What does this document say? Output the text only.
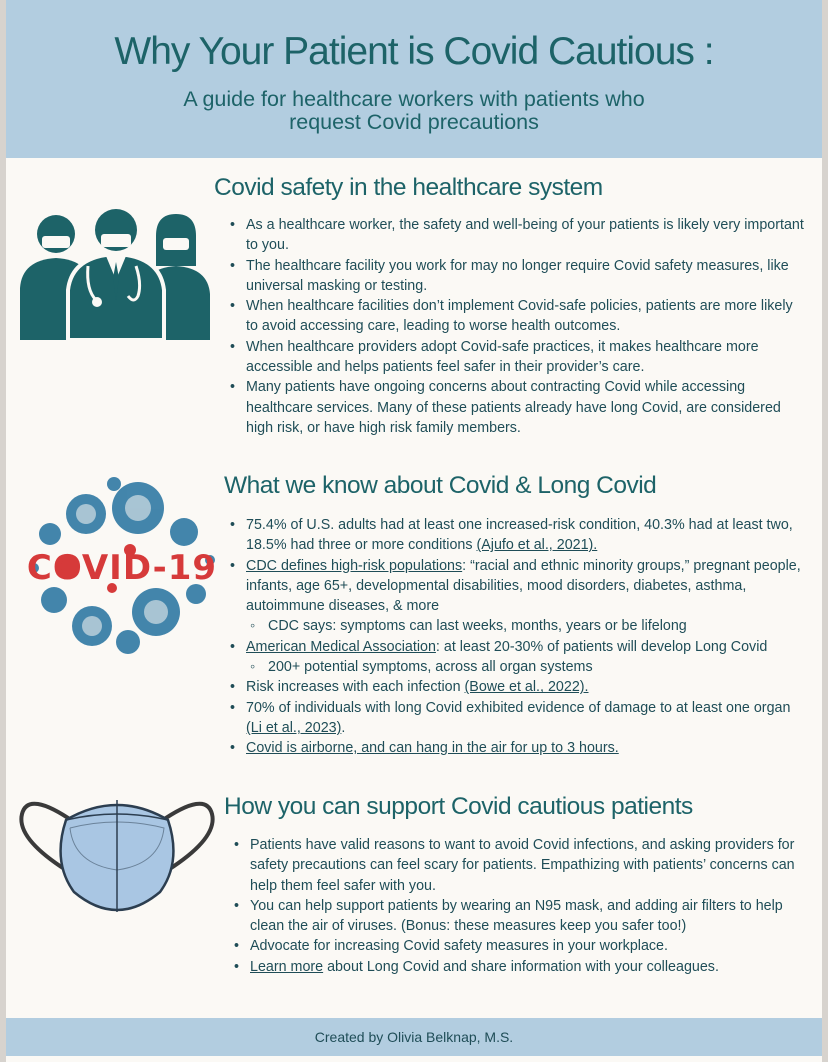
Why Your Patient is Covid Cautious :
A guide for healthcare workers with patients who
request Covid precautions
Covid safety in the healthcare system
• As a healthcare worker, the safety and well-being of your patients is likely very important to you.
• The healthcare facility you work for may no longer require Covid safety measures, like universal masking or testing.
• When healthcare facilities don’t implement Covid-safe policies, patients are more likely to avoid accessing care, leading to worse health outcomes.
• When healthcare providers adopt Covid-safe practices, it makes healthcare more accessible and helps patients feel safer in their provider’s care.
• Many patients have ongoing concerns about contracting Covid while accessing healthcare services. Many of these patients already have long Covid, are considered high risk, or have high risk family members.
COVID-19
What we know about Covid & Long Covid
• 75.4% of U.S. adults had at least one increased-risk condition, 40.3% had at least two, 18.5% had three or more conditions (Ajufo et al., 2021).
• CDC defines high-risk populations: “racial and ethnic minority groups,” pregnant people, infants, age 65+, developmental disabilities, mood disorders, diabetes, asthma, autoimmune diseases, & more
◦ CDC says: symptoms can last weeks, months, years or be lifelong
• American Medical Association: at least 20-30% of patients will develop Long Covid
◦ 200+ potential symptoms, across all organ systems
• Risk increases with each infection (Bowe et al., 2022).
• 70% of individuals with long Covid exhibited evidence of damage to at least one organ (Li et al., 2023).
• Covid is airborne, and can hang in the air for up to 3 hours.
How you can support Covid cautious patients
• Patients have valid reasons to want to avoid Covid infections, and asking providers for safety precautions can feel scary for patients. Empathizing with patients’ concerns can help them feel safer with you.
• You can help support patients by wearing an N95 mask, and adding air filters to help clean the air of viruses. (Bonus: these measures keep you safer too!)
• Advocate for increasing Covid safety measures in your workplace.
• Learn more about Long Covid and share information with your colleagues.
Created by Olivia Belknap, M.S.
